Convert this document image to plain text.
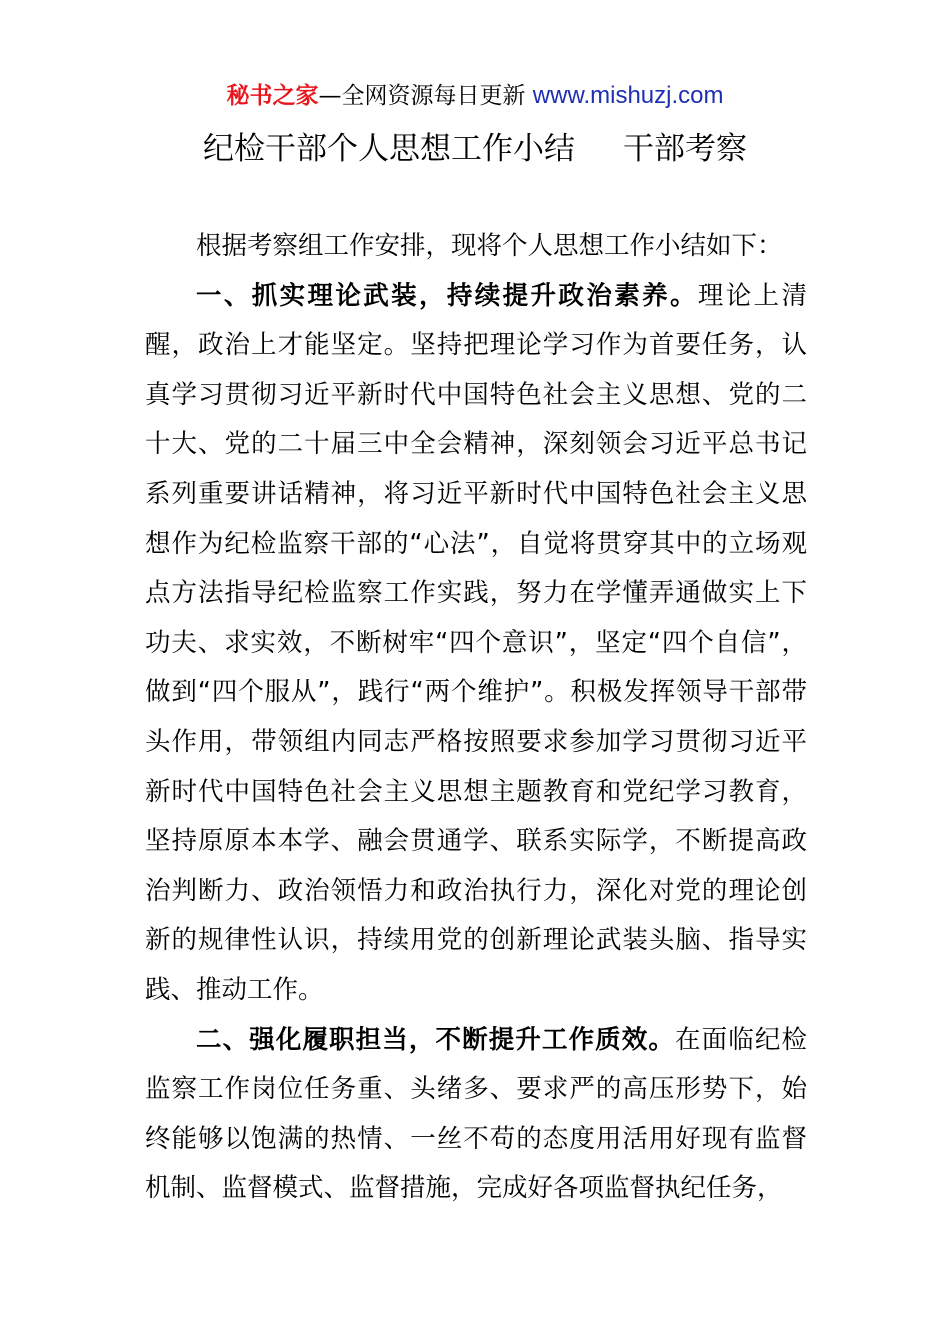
秘书之家—全网资源每日更新 www.mishuzj.com
纪检干部个人思想工作小结 干部考察

根据考察组工作安排，现将个人思想工作小结如下：

一、抓实理论武装，持续提升政治素养。理论上清醒，政治上才能坚定。坚持把理论学习作为首要任务，认真学习贯彻习近平新时代中国特色社会主义思想、党的二十大、党的二十届三中全会精神，深刻领会习近平总书记系列重要讲话精神，将习近平新时代中国特色社会主义思想作为纪检监察干部的“心法”，自觉将贯穿其中的立场观点方法指导纪检监察工作实践，努力在学懂弄通做实上下功夫、求实效，不断树牢“四个意识”，坚定“四个自信”，做到“四个服从”，践行“两个维护”。积极发挥领导干部带头作用，带领组内同志严格按照要求参加学习贯彻习近平新时代中国特色社会主义思想主题教育和党纪学习教育，坚持原原本本学、融会贯通学、联系实际学，不断提高政治判断力、政治领悟力和政治执行力，深化对党的理论创新的规律性认识，持续用党的创新理论武装头脑、指导实践、推动工作。

二、强化履职担当，不断提升工作质效。在面临纪检监察工作岗位任务重、头绪多、要求严的高压形势下，始终能够以饱满的热情、一丝不苟的态度用活用好现有监督机制、监督模式、监督措施，完成好各项监督执纪任务，
